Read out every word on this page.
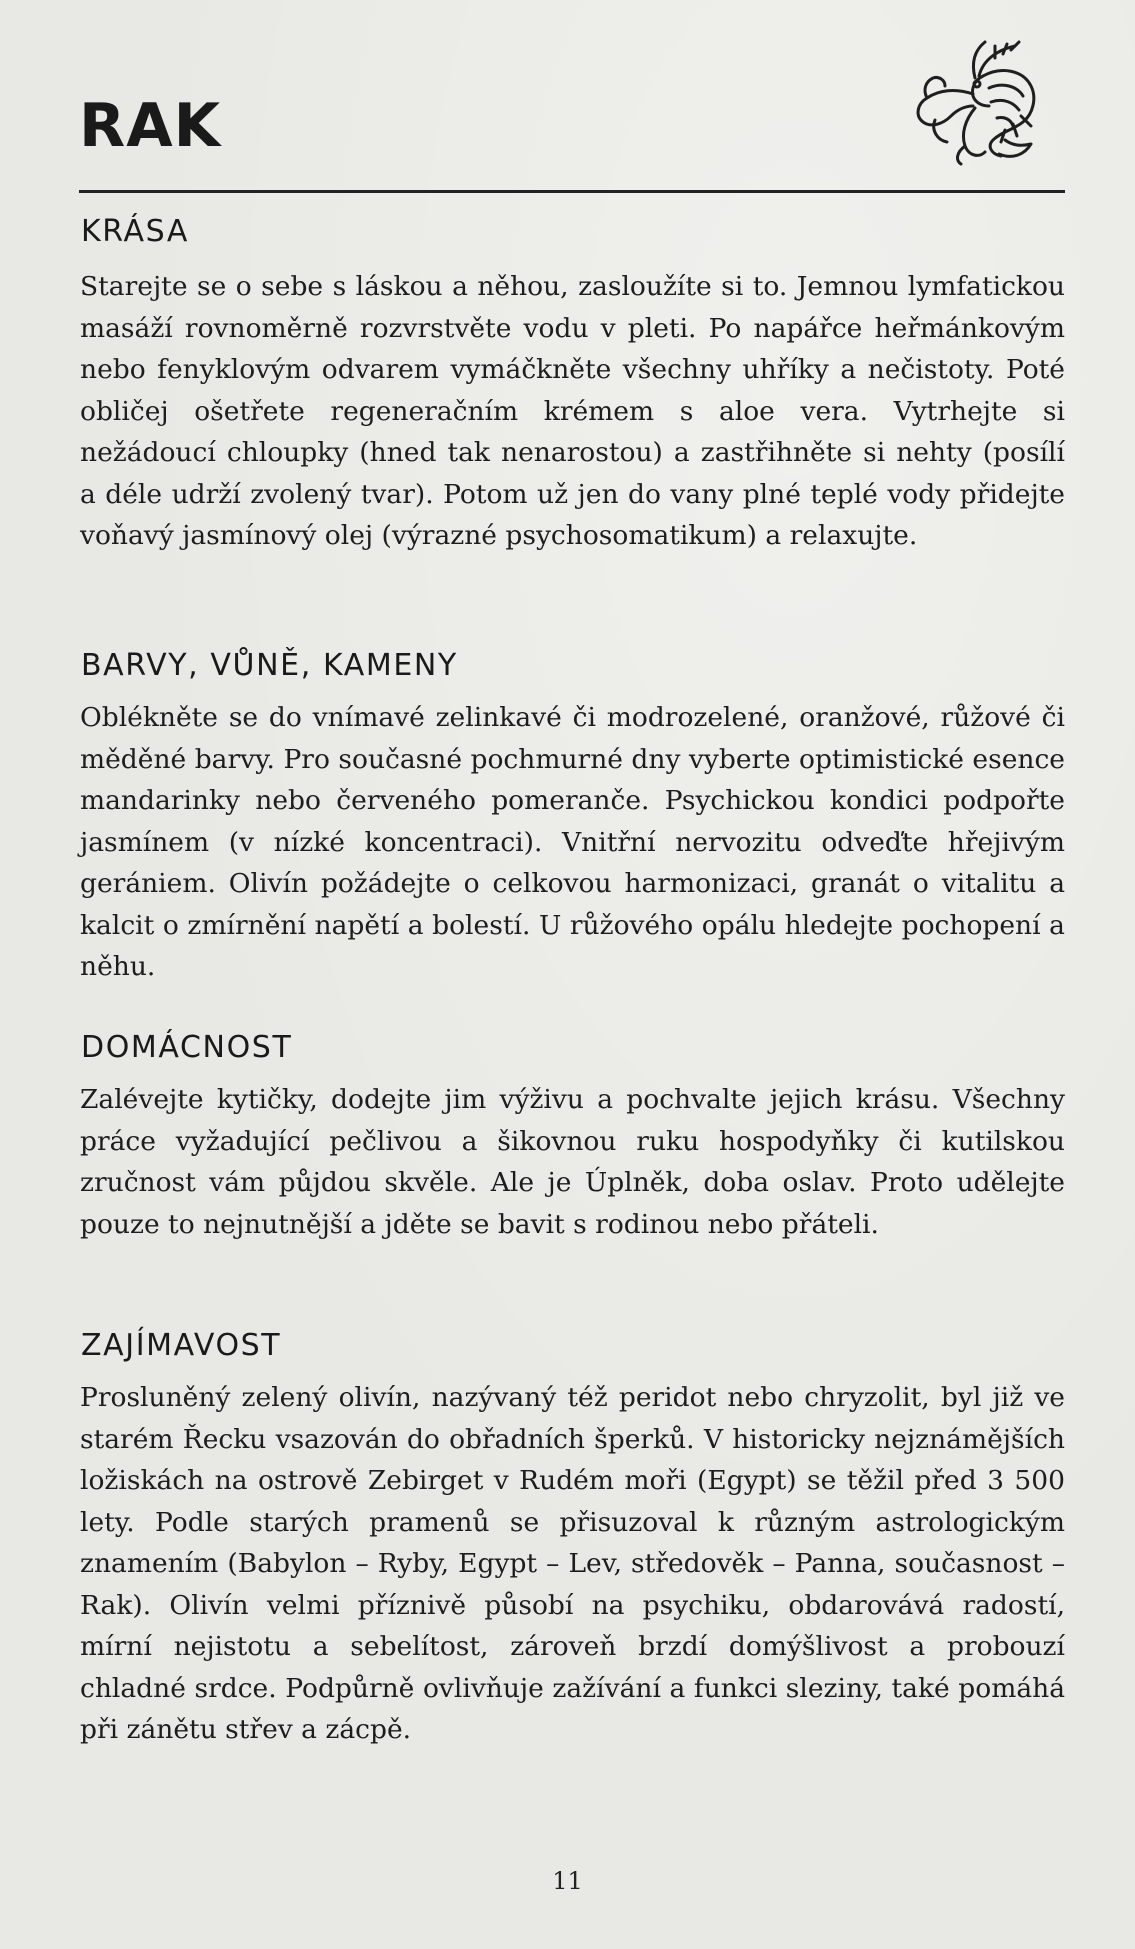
RAK
KRÁSA

Starejte se o sebe s láskou a něhou, zasloužíte si to. Jemnou lymfatickou masáží rovnoměrně rozvrstvěte vodu v pleti. Po napářce heřmánkovým nebo fenyklovým odvarem vymáčkněte všechny uhříky a nečistoty. Poté obličej ošetřete regeneračním krémem s aloe vera. Vytrhejte si nežádoucí chloupky (hned tak nenarostou) a zastřihněte si nehty (posílí a déle udrží zvolený tvar). Potom už jen do vany plné teplé vody přidejte voňavý jasmínový olej (výrazné psychosomatikum) a relaxujte.

BARVY, VŮNĚ, KAMENY

Oblékněte se do vnímavé zelinkavé či modrozelené, oranžové, růžové či měděné barvy. Pro současné pochmurné dny vyberte optimistické esence mandarinky nebo červeného pomeranče. Psychickou kondici podpořte jasmínem (v nízké koncentraci). Vnitřní nervozitu odveďte hřejivým gerániem. Olivín požádejte o celkovou harmonizaci, granát o vitalitu a kalcit o zmírnění napětí a bolestí. U růžového opálu hledejte pochopení a něhu.

DOMÁCNOST

Zalévejte kytičky, dodejte jim výživu a pochvalte jejich krásu. Všechny práce vyžadující pečlivou a šikovnou ruku hospodyňky či kutilskou zručnost vám půjdou skvěle. Ale je Úplněk, doba oslav. Proto udělejte pouze to nejnutnější a jděte se bavit s rodinou nebo přáteli.

ZAJÍMAVOST

Prosluněný zelený olivín, nazývaný též peridot nebo chryzolit, byl již ve starém Řecku vsazován do obřadních šperků. V historicky nejznámějších ložiskách na ostrově Zebirget v Rudém moři (Egypt) se těžil před 3 500 lety. Podle starých pramenů se přisuzoval k různým astrologickým znamením (Babylon – Ryby, Egypt – Lev, středověk – Panna, současnost – Rak). Olivín velmi příznivě působí na psychiku, obdarovává radostí, mírní nejistotu a sebelítost, zároveň brzdí domýšlivost a probouzí chladné srdce. Podpůrně ovlivňuje zažívání a funkci sleziny, také pomáhá při zánětu střev a zácpě.

11
